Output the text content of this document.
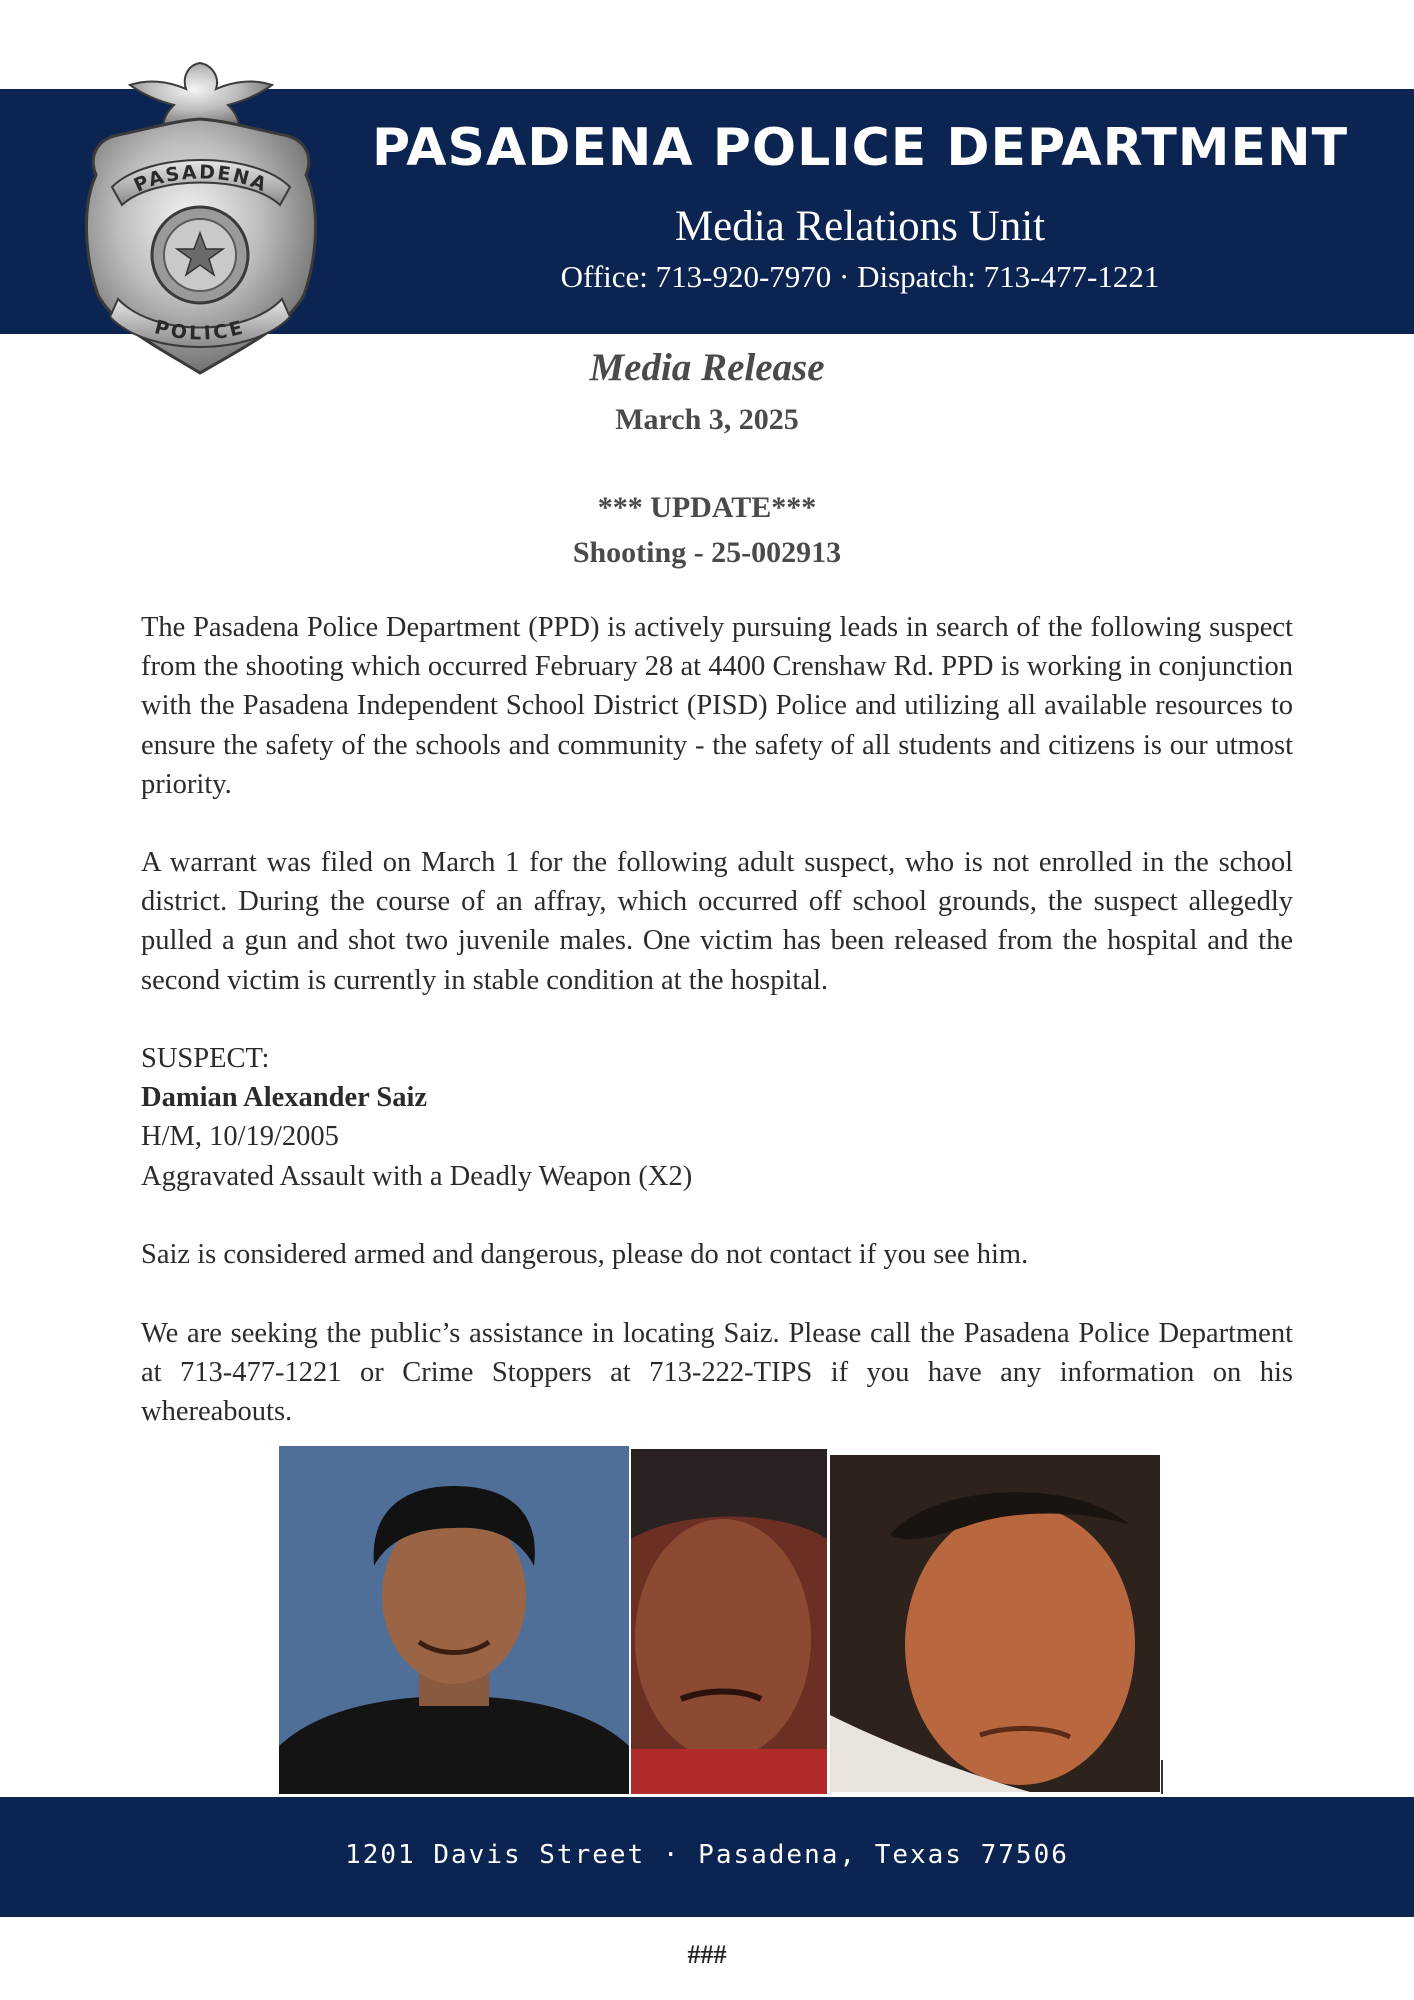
PASADENA
POLICE
PASADENA POLICE DEPARTMENT
Media Relations Unit
Office: 713-920-7970 · Dispatch: 713-477-1221
Media Release
March 3, 2025
*** UPDATE***
Shooting - 25-002913
The Pasadena Police Department (PPD) is actively pursuing leads in search of the following suspect from the shooting which occurred February 28 at 4400 Crenshaw Rd. PPD is working in conjunction with the Pasadena Independent School District (PISD) Police and utilizing all available resources to ensure the safety of the schools and community - the safety of all students and citizens is our utmost priority.
A warrant was filed on March 1 for the following adult suspect, who is not enrolled in the school district. During the course of an affray, which occurred off school grounds, the suspect allegedly pulled a gun and shot two juvenile males. One victim has been released from the hospital and the second victim is currently in stable condition at the hospital.
SUSPECT:
Damian Alexander Saiz
H/M, 10/19/2005
Aggravated Assault with a Deadly Weapon (X2)
Saiz is considered armed and dangerous, please do not contact if you see him.
We are seeking the public’s assistance in locating Saiz. Please call the Pasadena Police Department at 713-477-1221 or Crime Stoppers at 713-222-TIPS if you have any information on his whereabouts.
1201 Davis Street · Pasadena, Texas 77506
###
